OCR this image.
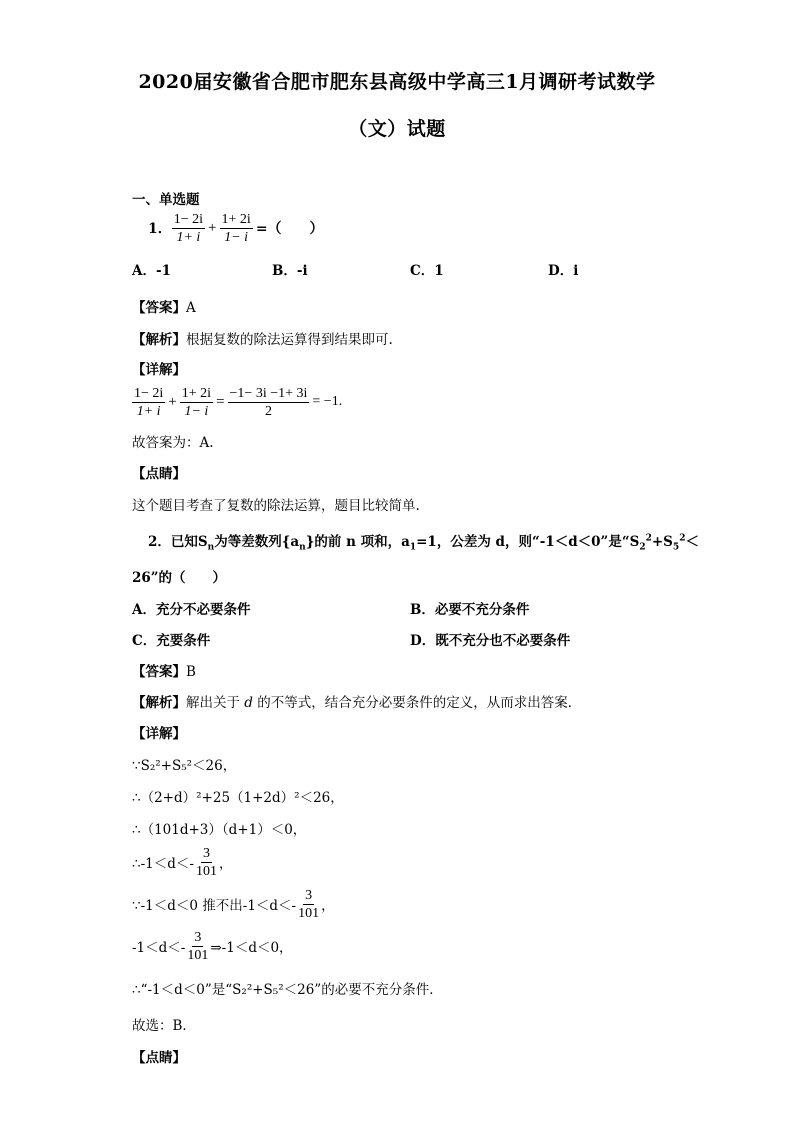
2020届安徽省合肥市肥东县高级中学高三1月调研考试数学
（文）试题
一、单选题
1． $\frac{1- 2i}{1+ i} + \frac{1+ 2i}{1- i}$ =（　　）
A．-1	B．-i	C．1	D．i
【答案】A
【解析】根据复数的除法运算得到结果即可.
【详解】
$\frac{1- 2i}{1+ i} + \frac{1+ 2i}{1- i} = \frac{-1- 3i -1+ 3i}{2} = -1$.
故答案为：A.
【点睛】
这个题目考查了复数的除法运算，题目比较简单.
2．已知$S_n$为等差数列$\{a_n\}$的前 n 项和，$a_1=1$，公差为 d，则“-1＜d＜0”是“$S_2^2+S_5^2<$
26”的（　　）
A．充分不必要条件	B．必要不充分条件
C．充要条件	D．既不充分也不必要条件
【答案】B
【解析】解出关于 d 的不等式，结合充分必要条件的定义，从而求出答案．
【详解】
∵S₂²+S₅²＜26，
∴（2+d）²+25（1+2d）²＜26，
∴（101d+3）（d+1）＜0，
∴-1＜d＜- $\frac{3}{101}$ ，
∵-1＜d＜0 推不出$-1<d<- \frac{3}{101}$ ，
$-1<d<- \frac{3}{101}$ ⇒-1＜d＜0，
∴“-1＜d＜0”是“S₂²+S₅²＜26”的必要不充分条件．
故选：B．
【点睛】
